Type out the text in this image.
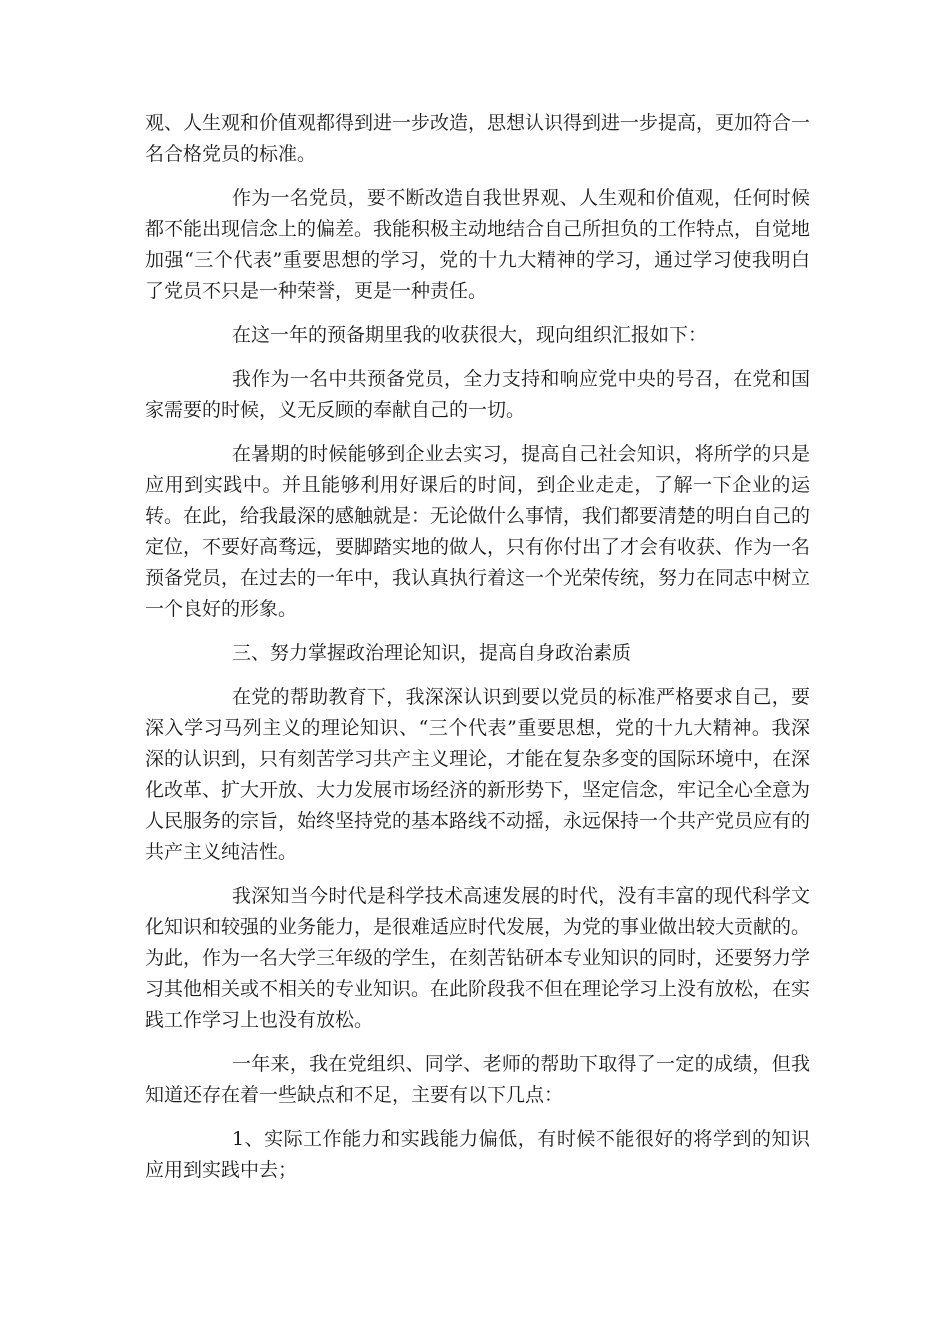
观、人生观和价值观都得到进一步改造，思想认识得到进一步提高，更加符合一名合格党员的标准。

作为一名党员，要不断改造自我世界观、人生观和价值观，任何时候都不能出现信念上的偏差。我能积极主动地结合自己所担负的工作特点，自觉地加强“三个代表”重要思想的学习，党的十九大精神的学习，通过学习使我明白了党员不只是一种荣誉，更是一种责任。

在这一年的预备期里我的收获很大，现向组织汇报如下：

我作为一名中共预备党员，全力支持和响应党中央的号召，在党和国家需要的时候，义无反顾的奉献自己的一切。

在暑期的时候能够到企业去实习，提高自己社会知识，将所学的只是应用到实践中。并且能够利用好课后的时间，到企业走走，了解一下企业的运转。在此，给我最深的感触就是：无论做什么事情，我们都要清楚的明白自己的定位，不要好高骛远，要脚踏实地的做人，只有你付出了才会有收获、作为一名预备党员，在过去的一年中，我认真执行着这一个光荣传统，努力在同志中树立一个良好的形象。

三、努力掌握政治理论知识，提高自身政治素质

在党的帮助教育下，我深深认识到要以党员的标准严格要求自己，要深入学习马列主义的理论知识、“三个代表”重要思想，党的十九大精神。我深深的认识到，只有刻苦学习共产主义理论，才能在复杂多变的国际环境中，在深化改革、扩大开放、大力发展市场经济的新形势下，坚定信念，牢记全心全意为人民服务的宗旨，始终坚持党的基本路线不动摇，永远保持一个共产党员应有的共产主义纯洁性。

我深知当今时代是科学技术高速发展的时代，没有丰富的现代科学文化知识和较强的业务能力，是很难适应时代发展，为党的事业做出较大贡献的。为此，作为一名大学三年级的学生，在刻苦钻研本专业知识的同时，还要努力学习其他相关或不相关的专业知识。在此阶段我不但在理论学习上没有放松，在实践工作学习上也没有放松。

一年来，我在党组织、同学、老师的帮助下取得了一定的成绩，但我知道还存在着一些缺点和不足，主要有以下几点：

1、实际工作能力和实践能力偏低，有时候不能很好的将学到的知识应用到实践中去；
